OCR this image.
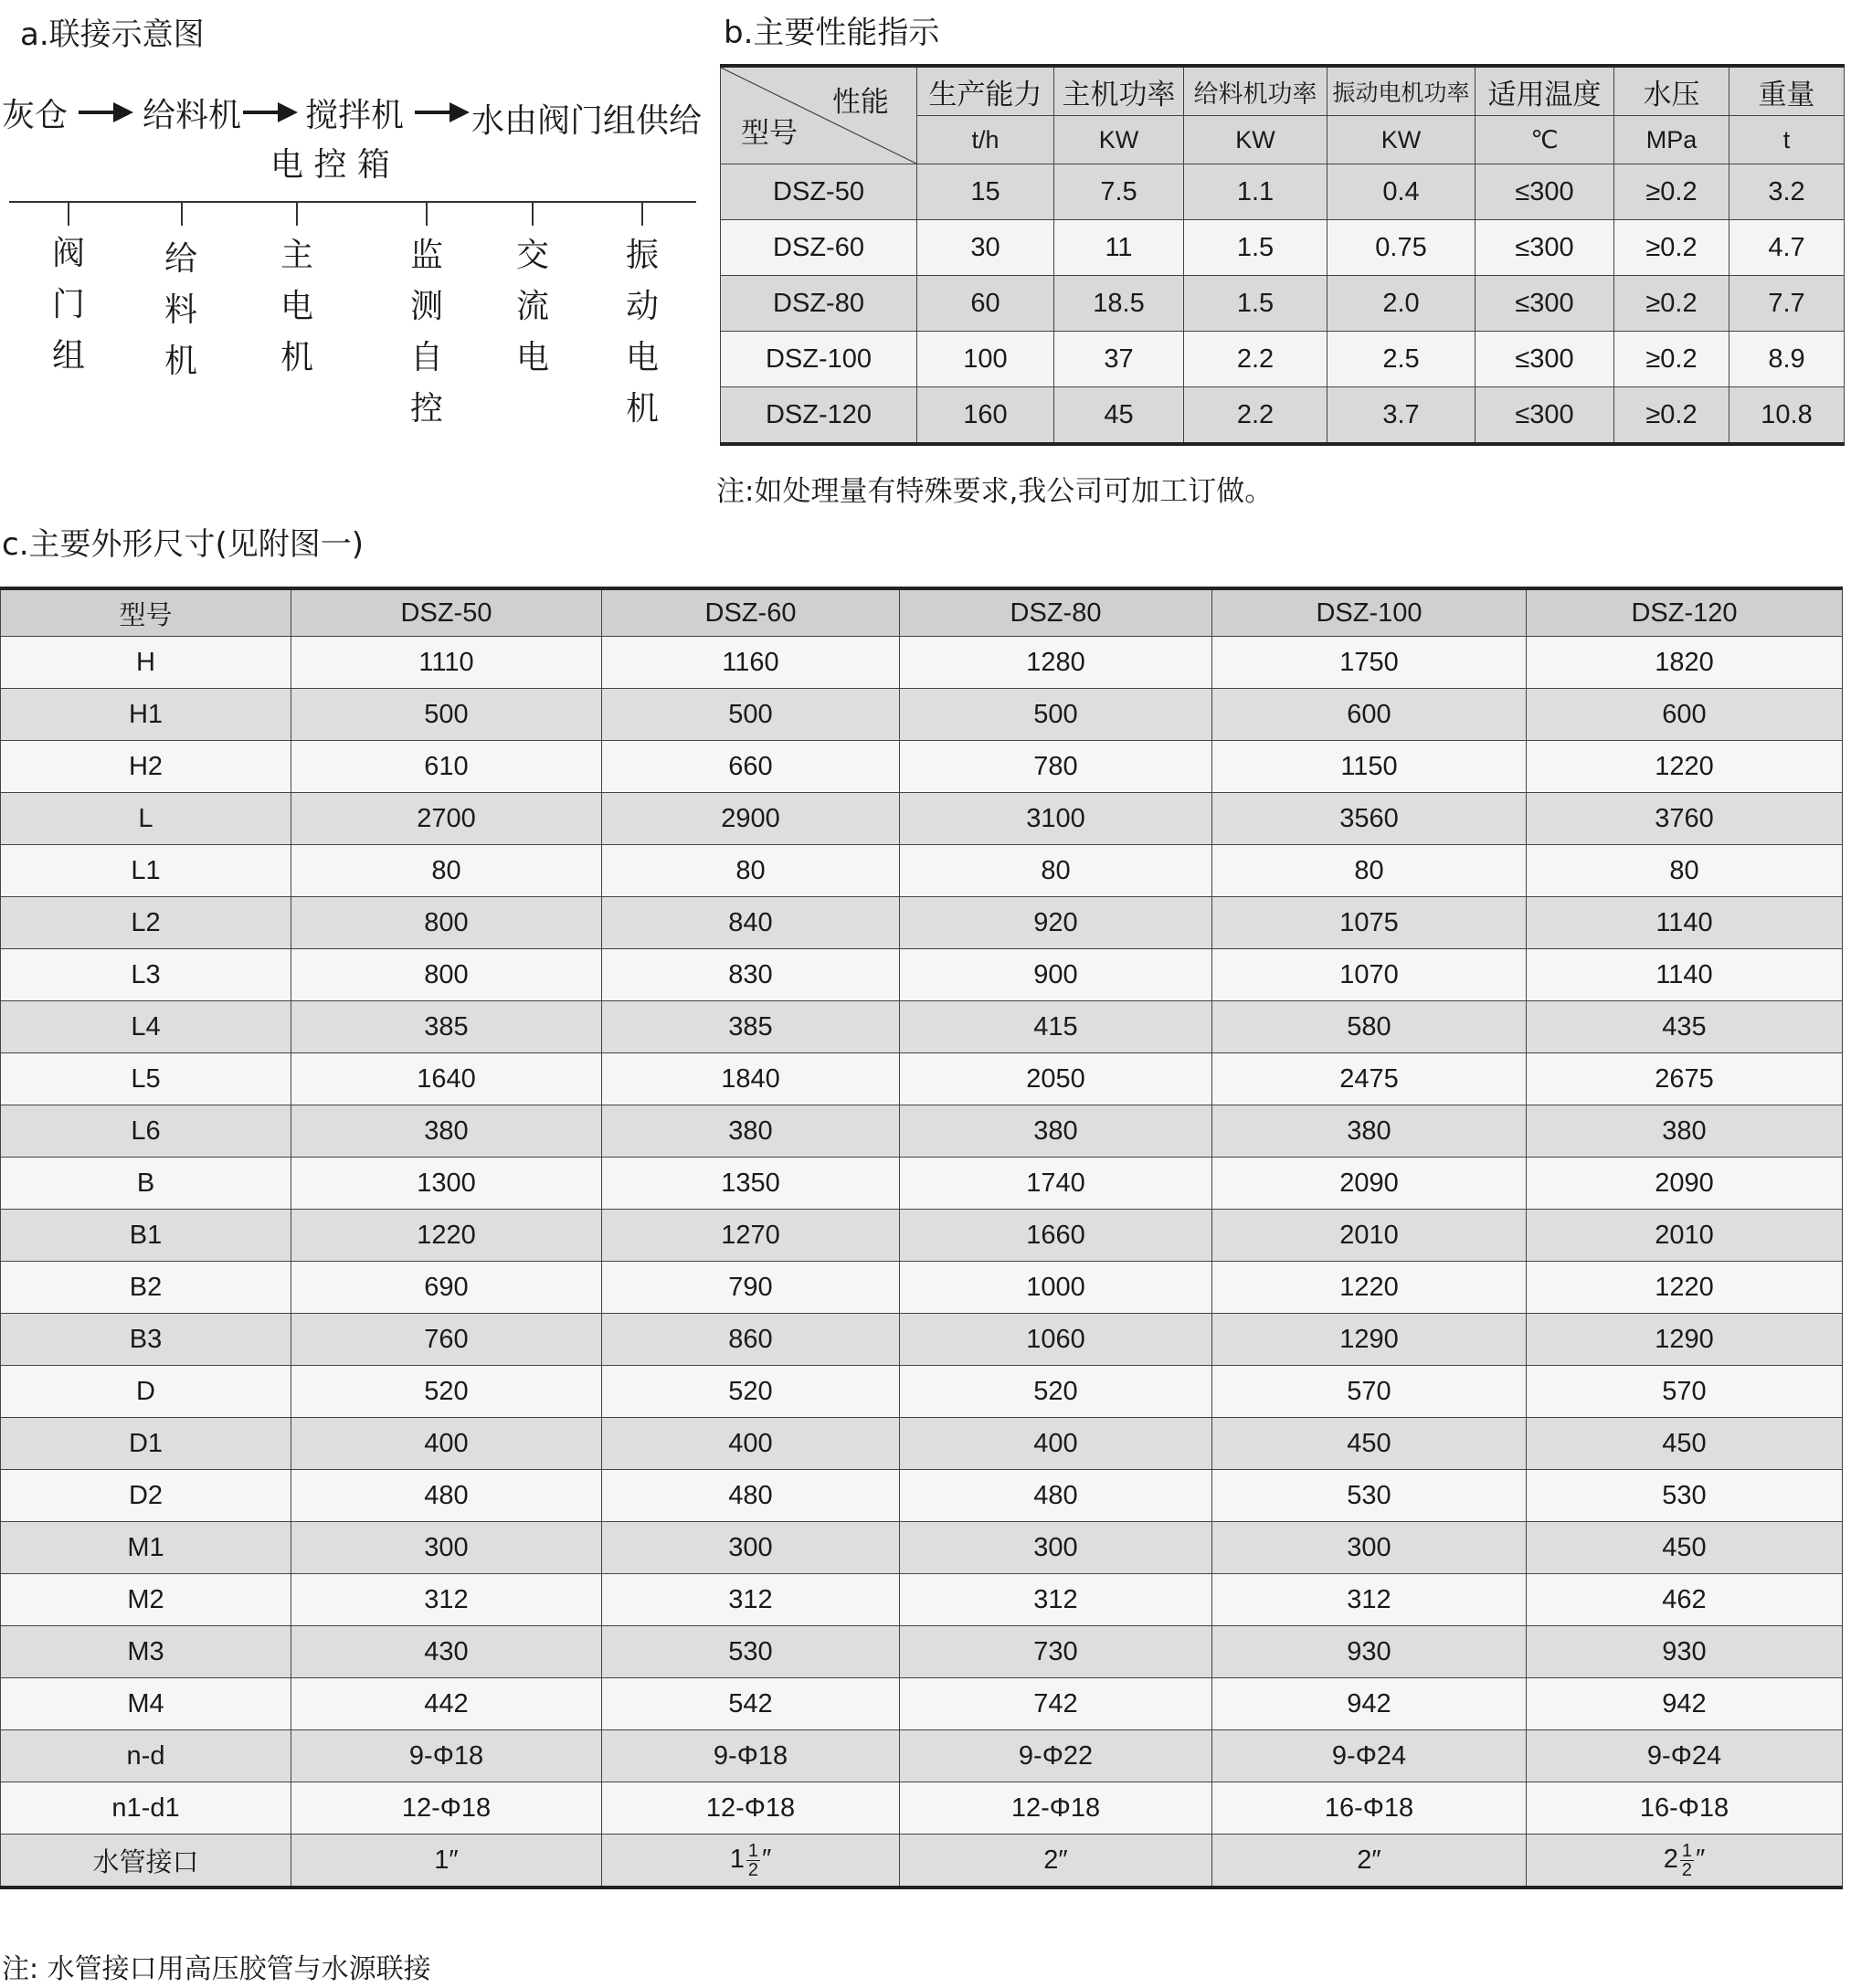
a.联接示意图
灰仓 给料机 搅拌机 水由阀门组供给
电 控 箱
阀
门
组
给
料
机
主
电
机
监
测
自
控
交
流
电
振
动
电
机
b.主要性能指示
性能
型号	生产能力	主机功率	给料机功率	振动电机功率	适用温度	水压	重量
	t/h	KW	KW	KW	℃	MPa	t
DSZ-50	15	7.5	1.1	0.4	≤300	≥0.2	3.2
DSZ-60	30	11	1.5	0.75	≤300	≥0.2	4.7
DSZ-80	60	18.5	1.5	2.0	≤300	≥0.2	7.7
DSZ-100	100	37	2.2	2.5	≤300	≥0.2	8.9
DSZ-120	160	45	2.2	3.7	≤300	≥0.2	10.8
注:如处理量有特殊要求,我公司可加工订做。
c.主要外形尺寸(见附图一)
型号	DSZ-50	DSZ-60	DSZ-80	DSZ-100	DSZ-120
H	1110	1160	1280	1750	1820
H1	500	500	500	600	600
H2	610	660	780	1150	1220
L	2700	2900	3100	3560	3760
L1	80	80	80	80	80
L2	800	840	920	1075	1140
L3	800	830	900	1070	1140
L4	385	385	415	580	435
L5	1640	1840	2050	2475	2675
L6	380	380	380	380	380
B	1300	1350	1740	2090	2090
B1	1220	1270	1660	2010	2010
B2	690	790	1000	1220	1220
B3	760	860	1060	1290	1290
D	520	520	520	570	570
D1	400	400	400	450	450
D2	480	480	480	530	530
M1	300	300	300	300	450
M2	312	312	312	312	462
M3	430	530	730	930	930
M4	442	542	742	942	942
n-d	9-Φ18	9-Φ18	9-Φ22	9-Φ24	9-Φ24
n1-d1	12-Φ18	12-Φ18	12-Φ18	16-Φ18	16-Φ18
水管接口	1″	$1 \frac{1}{2}$ ″	2″	2″	$2 \frac{1}{2}$ ″
注: 水管接口用高压胶管与水源联接
